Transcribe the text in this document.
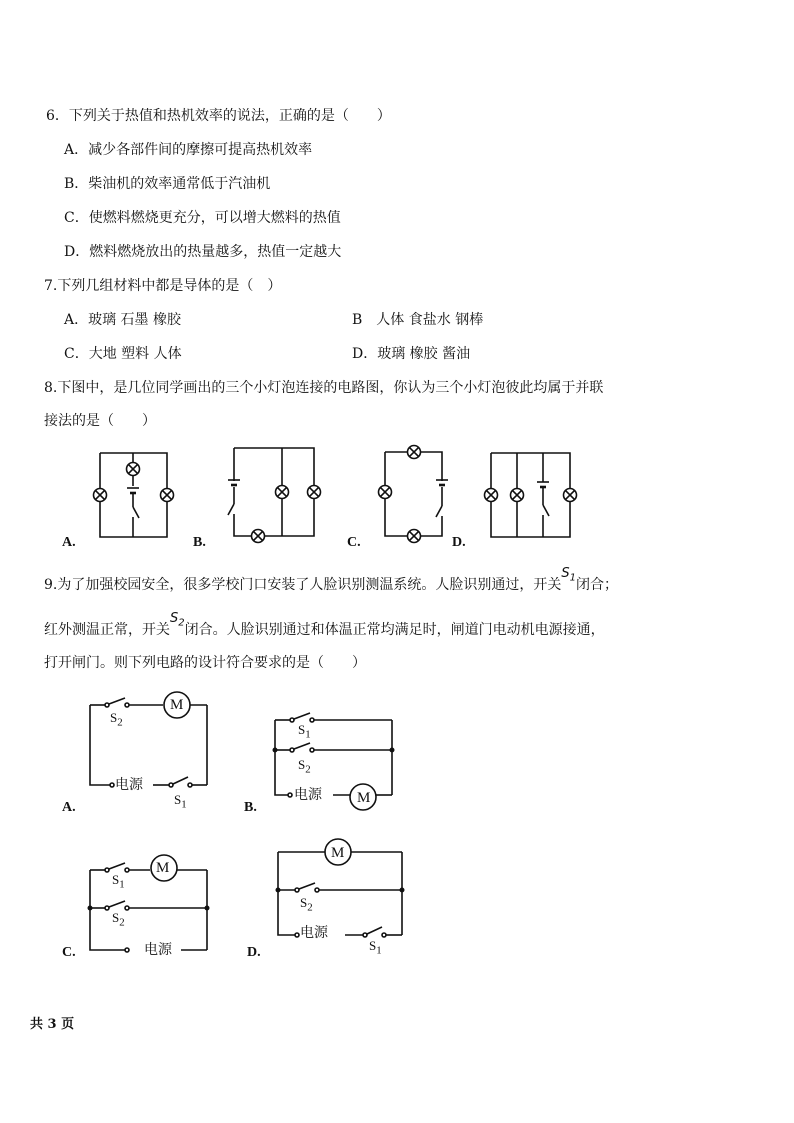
6．下列关于热值和热机效率的说法，正确的是（　　）
A．减少各部件间的摩擦可提高热机效率
B．柴油机的效率通常低于汽油机
C．使燃料燃烧更充分，可以增大燃料的热值
D．燃料燃烧放出的热量越多，热值一定越大
7.下列几组材料中都是导体的是（　）
A．玻璃 石墨 橡胶	B　人体 食盐水 钢棒
C．大地 塑料 人体	D．玻璃 橡胶 酱油
8.下图中，是几位同学画出的三个小灯泡连接的电路图，你认为三个小灯泡彼此均属于并联
接法的是（　　）
A.	B.	C.	D.
9.为了加强校园安全，很多学校门口安装了人脸识别测温系统。人脸识别通过，开关$S_1$闭合；
红外测温正常，开关$S_2$闭合。人脸识别通过和体温正常均满足时，闸道门电动机电源接通，
打开闸门。则下列电路的设计符合要求的是（　　）
M
$S_2$
电源
$S_1$
A.
$S_1$
$S_2$
电源 M
B.
M
$S_1$
$S_2$
电源
C.
M
$S_2$
电源
$S_1$
D.
共 3 页
